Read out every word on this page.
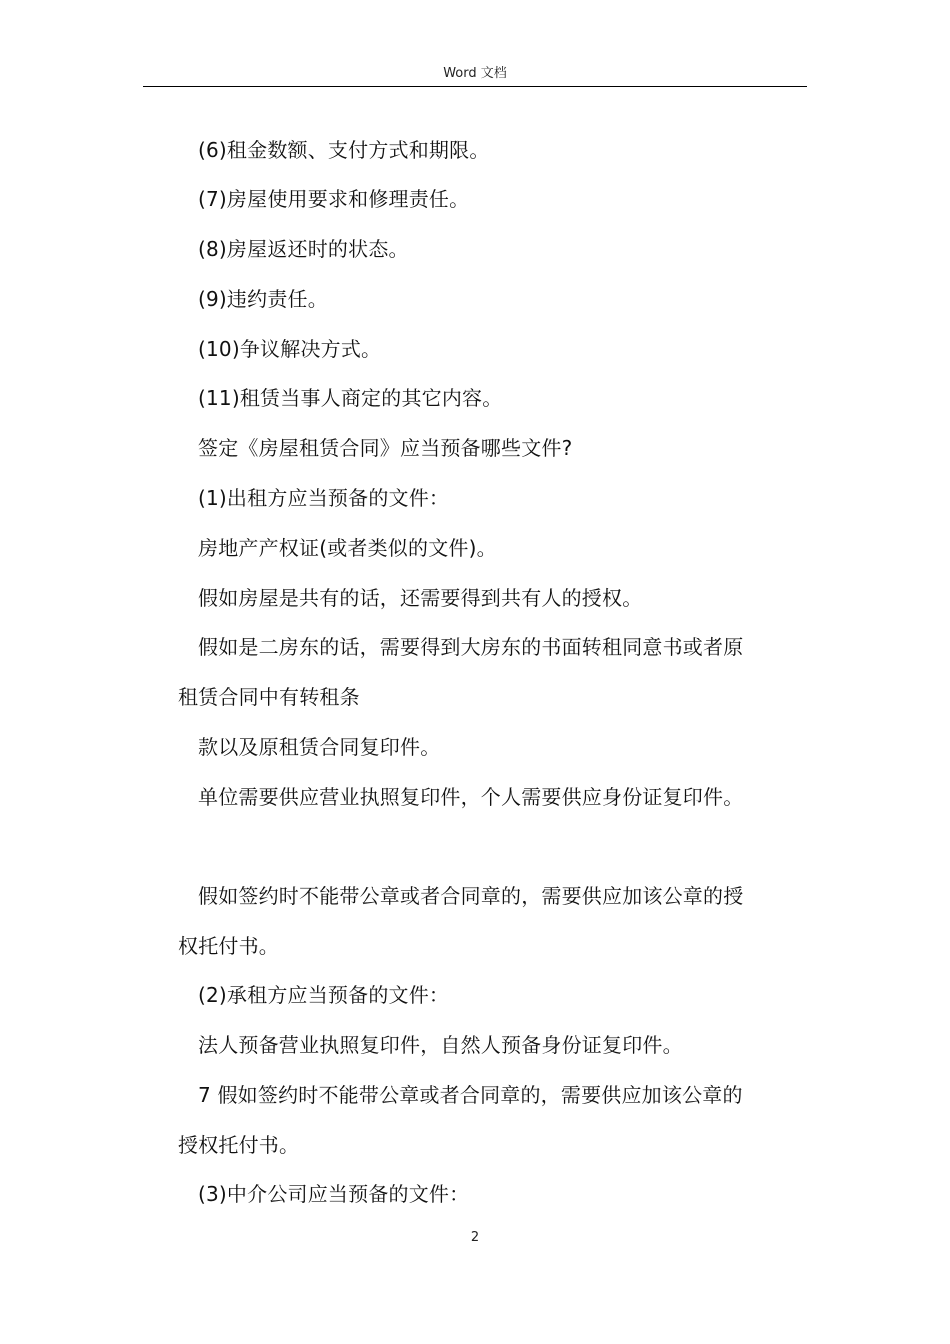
Word 文档
(6)租金数额、支付方式和期限。
(7)房屋使用要求和修理责任。
(8)房屋返还时的状态。
(9)违约责任。
(10)争议解决方式。
(11)租赁当事人商定的其它内容。
签定《房屋租赁合同》应当预备哪些文件?
(1)出租方应当预备的文件：
房地产产权证(或者类似的文件)。
假如房屋是共有的话，还需要得到共有人的授权。
假如是二房东的话，需要得到大房东的书面转租同意书或者原
租赁合同中有转租条
款以及原租赁合同复印件。
单位需要供应营业执照复印件，个人需要供应身份证复印件。
假如签约时不能带公章或者合同章的，需要供应加该公章的授
权托付书。
(2)承租方应当预备的文件：
法人预备营业执照复印件，自然人预备身份证复印件。
7 假如签约时不能带公章或者合同章的，需要供应加该公章的
授权托付书。
(3)中介公司应当预备的文件：
2
